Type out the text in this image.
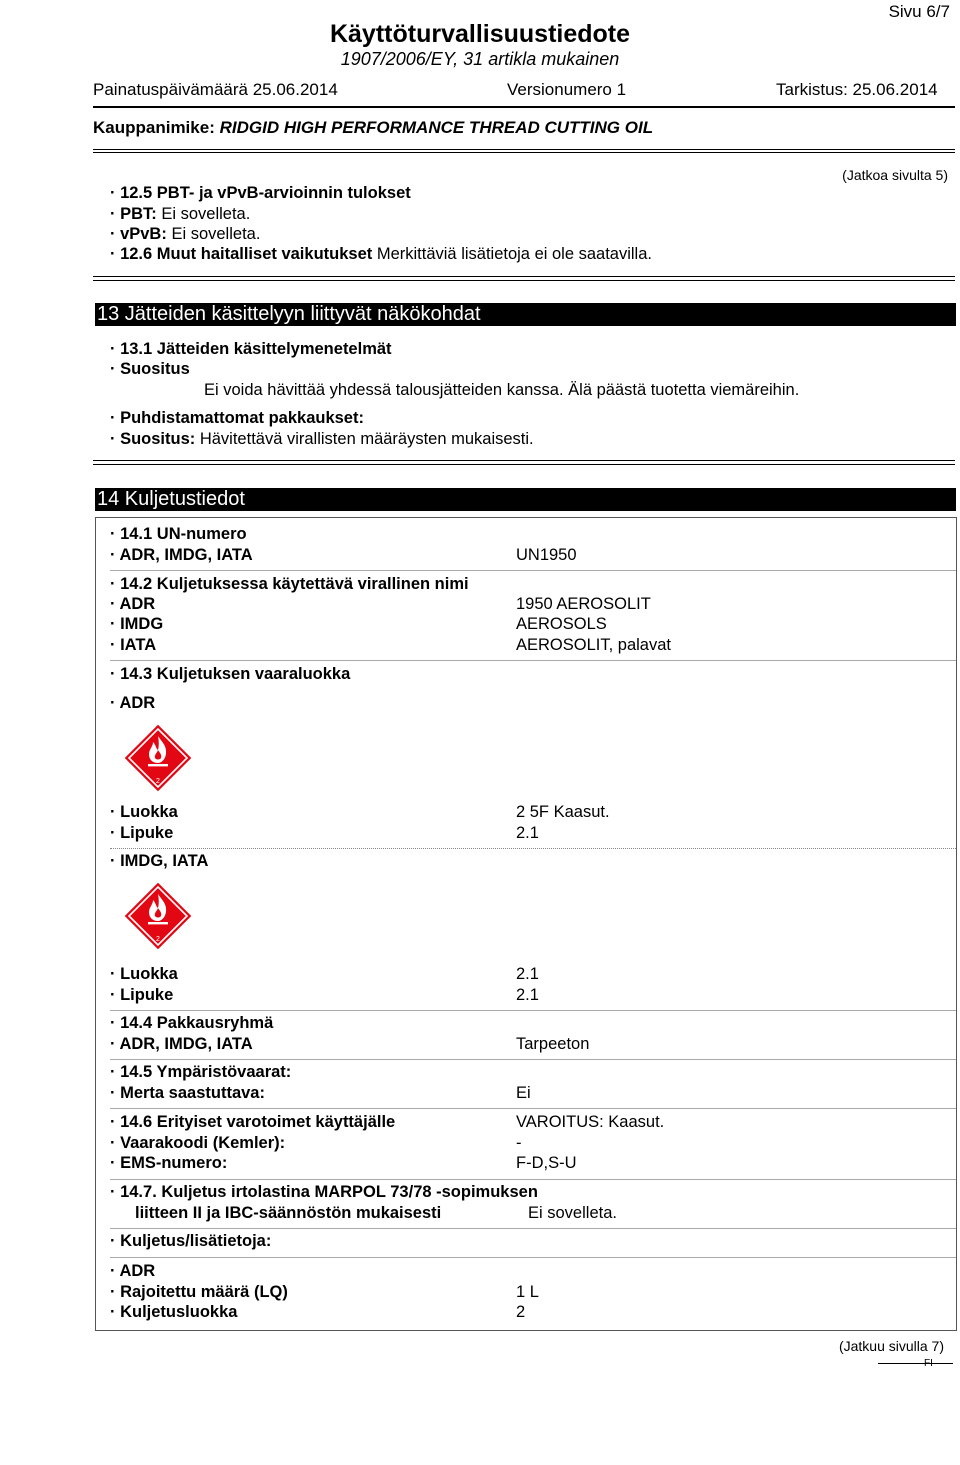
Sivu 6/7
Käyttöturvallisuustiedote
1907/2006/EY, 31 artikla mukainen
Painatuspäivämäärä 25.06.2014	Versionumero 1	Tarkistus: 25.06.2014
Kauppanimike: RIDGID HIGH PERFORMANCE THREAD CUTTING OIL
(Jatkoa sivulta 5)
· 12.5 PBT- ja vPvB-arvioinnin tulokset
· PBT: Ei sovelleta.
· vPvB: Ei sovelleta.
· 12.6 Muut haitalliset vaikutukset Merkittäviä lisätietoja ei ole saatavilla.
13 Jätteiden käsittelyyn liittyvät näkökohdat
· 13.1 Jätteiden käsittelymenetelmät
· Suositus
Ei voida hävittää yhdessä talousjätteiden kanssa. Älä päästä tuotetta viemäreihin.
· Puhdistamattomat pakkaukset:
· Suositus: Hävitettävä virallisten määräysten mukaisesti.
14 Kuljetustiedot
· 14.1 UN-numero
· ADR, IMDG, IATA	UN1950
· 14.2 Kuljetuksessa käytettävä virallinen nimi
· ADR	1950 AEROSOLIT
· IMDG	AEROSOLS
· IATA	AEROSOLIT, palavat
· 14.3 Kuljetuksen vaaraluokka
· ADR
2
· Luokka	2 5F Kaasut.
· Lipuke	2.1
· IMDG, IATA
2
· Luokka	2.1
· Lipuke	2.1
· 14.4 Pakkausryhmä
· ADR, IMDG, IATA	Tarpeeton
· 14.5 Ympäristövaarat:
· Merta saastuttava:	Ei
· 14.6 Erityiset varotoimet käyttäjälle	VAROITUS: Kaasut.
· Vaarakoodi (Kemler):	-
· EMS-numero:	F-D,S-U
· 14.7. Kuljetus irtolastina MARPOL 73/78 -sopimuksen
liitteen II ja IBC-säännöstön mukaisesti	Ei sovelleta.
· Kuljetus/lisätietoja:
· ADR
· Rajoitettu määrä (LQ)	1 L
· Kuljetusluokka	2
(Jatkuu sivulla 7)
FI
